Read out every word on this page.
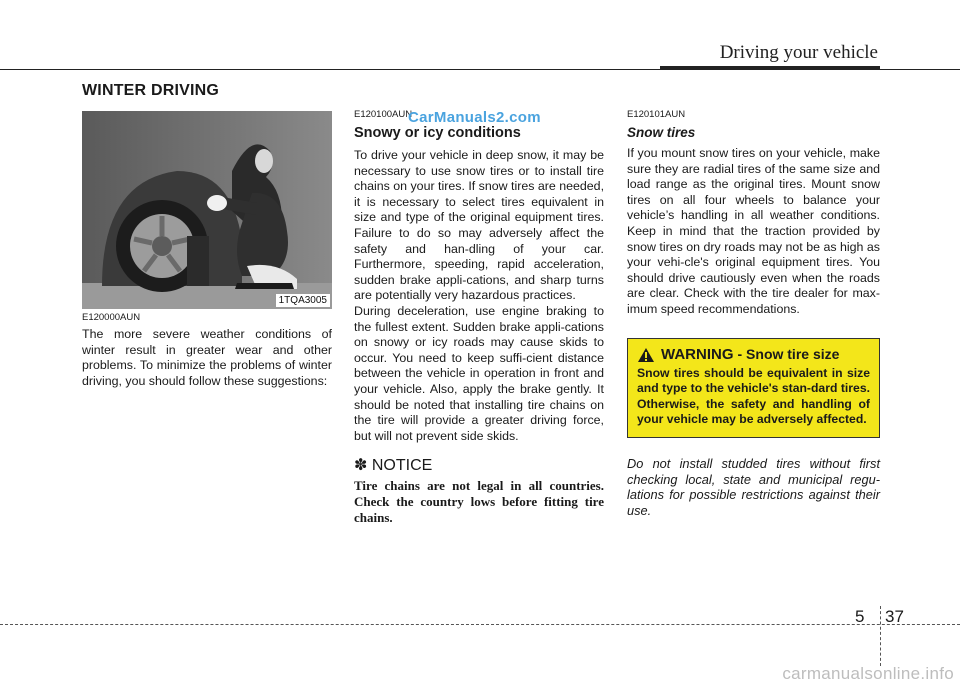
Driving your vehicle
WINTER DRIVING
1TQA3005
E120000AUN

The more severe weather conditions of winter result in greater wear and other problems. To minimize the problems of winter driving, you should follow these suggestions:

E120100AUN
Snowy or icy conditions

To drive your vehicle in deep snow, it may be necessary to use snow tires or to install tire chains on your tires. If snow tires are needed, it is necessary to select tires equivalent in size and type of the original equipment tires. Failure to do so may adversely affect the safety and han-dling of your car. Furthermore, speeding, rapid acceleration, sudden brake appli-cations, and sharp turns are potentially very hazardous practices.

During deceleration, use engine braking to the fullest extent. Sudden brake appli-cations on snowy or icy roads may cause skids to occur. You need to keep suffi-cient distance between the vehicle in operation in front and your vehicle. Also, apply the brake gently. It should be noted that installing tire chains on the tire will provide a greater driving force, but will not prevent side skids.

✽ NOTICE
Tire chains are not legal in all countries. Check the country lows before fitting tire chains.
CarManuals2.com	E120101AUN
Snow tires

If you mount snow tires on your vehicle, make sure they are radial tires of the same size and load range as the original tires. Mount snow tires on all four wheels to balance your vehicle’s handling in all weather conditions. Keep in mind that the traction provided by snow tires on dry roads may not be as high as your vehi-cle's original equipment tires. You should drive cautiously even when the roads are clear. Check with the tire dealer for max-imum speed recommendations.

WARNING - Snow tire size
Snow tires should be equivalent in size and type to the vehicle's stan-dard tires. Otherwise, the safety and handling of your vehicle may be adversely affected.
Do not install studded tires without first checking local, state and municipal regu-lations for possible restrictions against their use.
5 37
carmanualsonline.info
